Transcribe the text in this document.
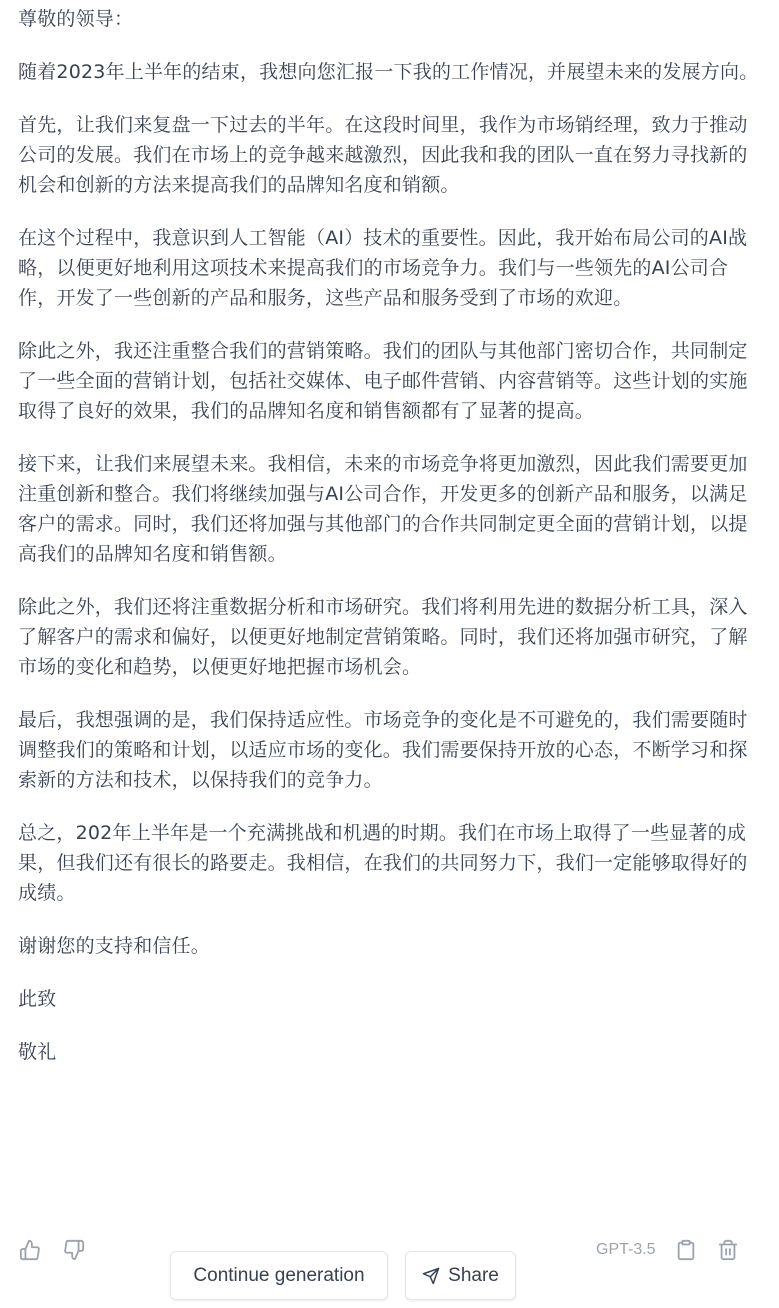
尊敬的领导：

随着2023年上半年的结束，我想向您汇报一下我的工作情况，并展望未来的发展方向。

首先，让我们来复盘一下过去的半年。在这段时间里，我作为市场销经理，致力于推动公司的发展。我们在市场上的竞争越来越激烈，因此我和我的团队一直在努力寻找新的机会和创新的方法来提高我们的品牌知名度和销额。

在这个过程中，我意识到人工智能（AI）技术的重要性。因此，我开始布局公司的AI战略，以便更好地利用这项技术来提高我们的市场竞争力。我们与一些领先的AI公司合作，开发了一些创新的产品和服务，这些产品和服务受到了市场的欢迎。

除此之外，我还注重整合我们的营销策略。我们的团队与其他部门密切合作，共同制定了一些全面的营销计划，包括社交媒体、电子邮件营销、内容营销等。这些计划的实施取得了良好的效果，我们的品牌知名度和销售额都有了显著的提高。

接下来，让我们来展望未来。我相信，未来的市场竞争将更加激烈，因此我们需要更加注重创新和整合。我们将继续加强与AI公司合作，开发更多的创新产品和服务，以满足客户的需求。同时，我们还将加强与其他部门的合作共同制定更全面的营销计划，以提高我们的品牌知名度和销售额。

除此之外，我们还将注重数据分析和市场研究。我们将利用先进的数据分析工具，深入了解客户的需求和偏好，以便更好地制定营销策略。同时，我们还将加强市研究，了解市场的变化和趋势，以便更好地把握市场机会。

最后，我想强调的是，我们保持适应性。市场竞争的变化是不可避免的，我们需要随时调整我们的策略和计划，以适应市场的变化。我们需要保持开放的心态，不断学习和探索新的方法和技术，以保持我们的竞争力。

总之，202年上半年是一个充满挑战和机遇的时期。我们在市场上取得了一些显著的成果，但我们还有很长的路要走。我相信，在我们的共同努力下，我们一定能够取得好的成绩。

谢谢您的支持和信任。

此致

敬礼

GPT-3.5
Continue generation	Share
